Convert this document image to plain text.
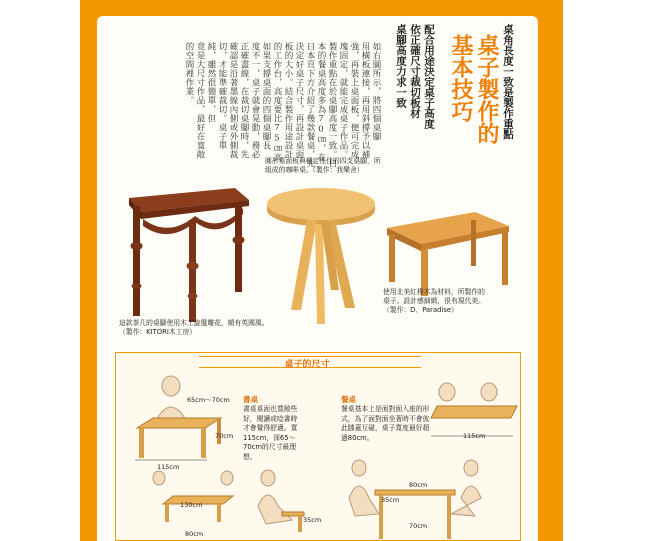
桌角長度一致是製作重點
桌子製作的
基本技巧
配合用途決定桌子高度
依正確尺寸裁切板材
桌腳高度力求一致
如右圖所示，將四個桌腳
用橫板連接，再用斜撐予以補
強，再裝上桌面板，便可完成
塊固定，就能完成桌子作品。
製作重點在於桌腳高度一致。日
本的餐桌高度多為70㎝，在
日本頁下方介紹了幾款餐桌，先
決定好桌子尺寸，再設計桌面
板的大小。結合製作用途設計
的工作台，高度要比75㎝高
如果支撐桌面的四個桌腳長
度不一，桌子就會晃動，務必
正確畫線，在裁切桌腳時，先
確認是沿著墨線內側或外側裁
切，才能準確裁切。桌子單
純，雖然很簡單，但
竟是大尺寸作品，最好在寬敞
的空間裡作業。
圓形桌面板與穩定性佳的四支桌腳，所組成的咖啡桌。（製作：我樂舍）
這款茶几的桌腳使用木工旋盤雕花，頗有英國風。（製作：KITORI木工房）
使用北美紅橡木為材料，所製作的桌子。設計感細緻，很有現代美。（製作：D．Paradise）
桌子的尺寸
65cm～70cm
70cm
115cm
書桌
書桌桌面也寬敞些好，閱讀或唸書時才會覺得舒適。寬115cm，深65～70cm的尺寸最理想。
餐桌
餐桌基本上是面對面入座的形式，為了面對面坐著時不會彼此膝蓋互碰，桌子寬度最好超過80cm。	115cm
130cm
80cm
35cm
80cm
35cm
70cm
